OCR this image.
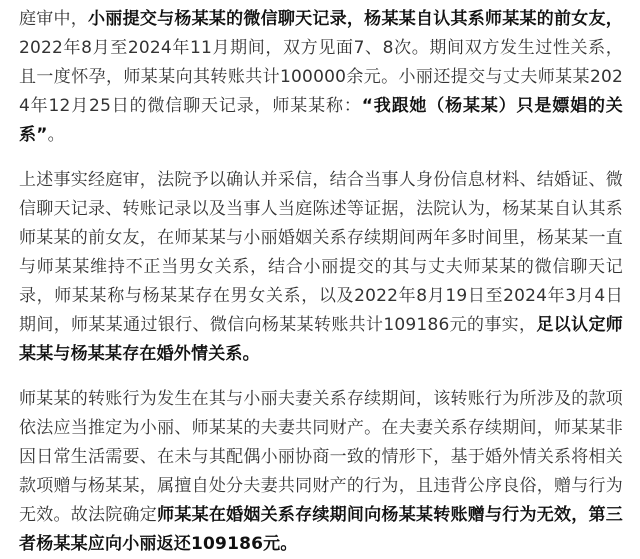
庭审中，小丽提交与杨某某的微信聊天记录，杨某某自认其系师某某的前女友，2022年8月至2024年11月期间，双方见面7、8次。期间双方发生过性关系，且一度怀孕，师某某向其转账共计100000余元。小丽还提交与丈夫师某某2024年12月25日的微信聊天记录，师某某称：“我跟她（杨某某）只是嫖娼的关系”。

上述事实经庭审，法院予以确认并采信，结合当事人身份信息材料、结婚证、微信聊天记录、转账记录以及当事人当庭陈述等证据，法院认为，杨某某自认其系师某某的前女友，在师某某与小丽婚姻关系存续期间两年多时间里，杨某某一直与师某某维持不正当男女关系，结合小丽提交的其与丈夫师某某的微信聊天记录，师某某称与杨某某存在男女关系，以及2022年8月19日至2024年3月4日期间，师某某通过银行、微信向杨某某转账共计109186元的事实，足以认定师某某与杨某某存在婚外情关系。

师某某的转账行为发生在其与小丽夫妻关系存续期间，该转账行为所涉及的款项依法应当推定为小丽、师某某的夫妻共同财产。在夫妻关系存续期间，师某某非因日常生活需要、在未与其配偶小丽协商一致的情形下，基于婚外情关系将相关款项赠与杨某某，属擅自处分夫妻共同财产的行为，且违背公序良俗，赠与行为无效。故法院确定师某某在婚姻关系存续期间向杨某某转账赠与行为无效，第三者杨某某应向小丽返还109186元。
